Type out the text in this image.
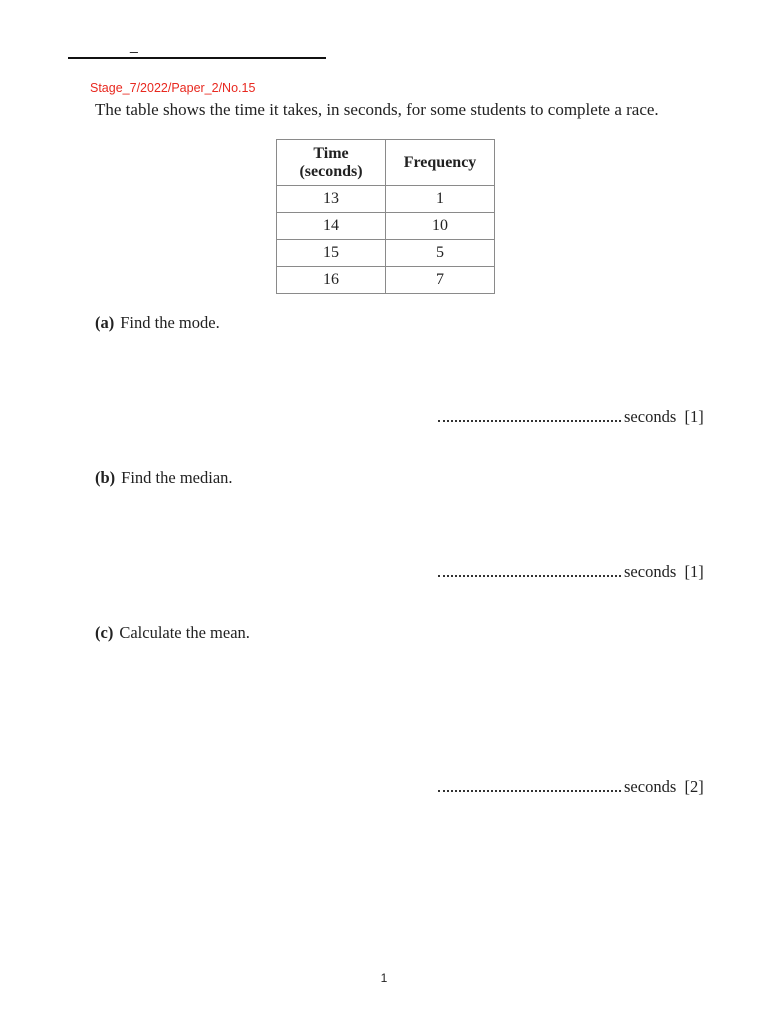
_
Stage_7/2022/Paper_2/No.15
The table shows the time it takes, in seconds, for some students to complete a race.
Time
(seconds)	Frequency
13	1
14	10
15	5
16	7
(a) Find the mode.
seconds [1]
(b) Find the median.
seconds [1]
(c) Calculate the mean.
seconds [2]
1
